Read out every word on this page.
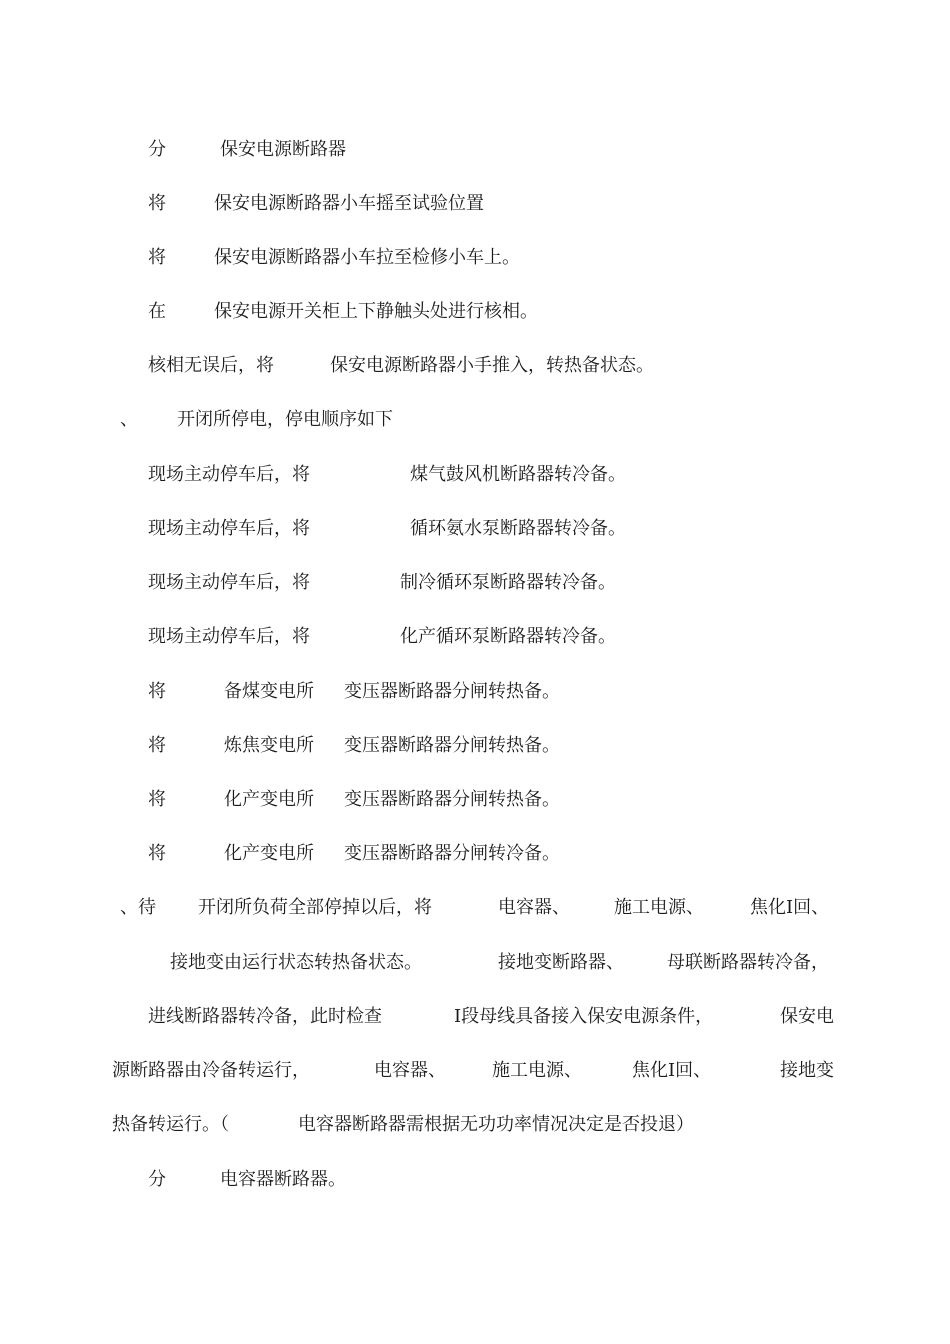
分	保安电源断路器
将	保安电源断路器小车摇至试验位置
将	保安电源断路器小车拉至检修小车上。
在	保安电源开关柜上下静触头处进行核相。
核相无误后，将	保安电源断路器小手推入，转热备状态。
、 开闭所停电，停电顺序如下
现场主动停车后，将	煤气鼓风机断路器转冷备。
现场主动停车后，将	循环氨水泵断路器转冷备。
现场主动停车后，将	制冷循环泵断路器转冷备。
现场主动停车后，将	化产循环泵断路器转冷备。
将	备煤变电所 变压器断路器分闸转热备。
将	炼焦变电所 变压器断路器分闸转热备。
将	化产变电所 变压器断路器分闸转热备。
将	化产变电所 变压器断路器分闸转冷备。
、待 开闭所负荷全部停掉以后，将	电容器、 施工电源、	焦化Ⅰ回、
接地变由运行状态转热备状态。	接地变断路器、 母联断路器转冷备，
进线断路器转冷备，此时检查	Ⅰ段母线具备接入保安电源条件，	保安电
源断路器由冷备转运行，	电容器、	施工电源、	焦化Ⅰ回、	接地变
热备转运行。（	电容器断路器需根据无功功率情况决定是否投退）
分	电容器断路器。
